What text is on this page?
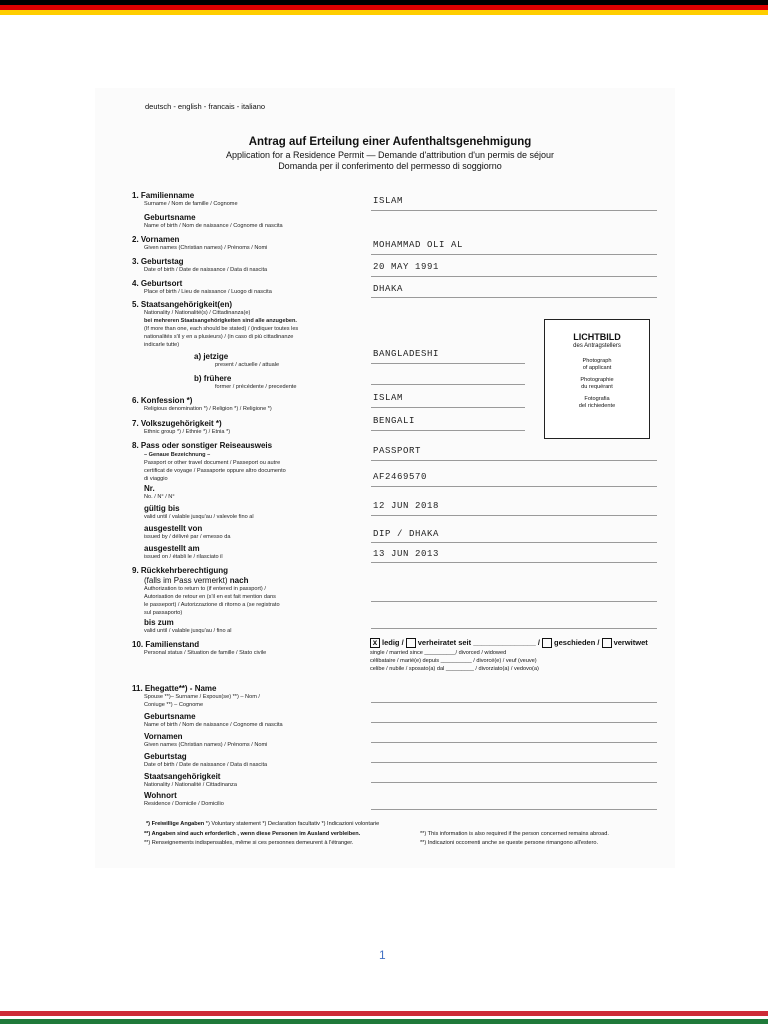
deutsch - english - francais - italiano
Antrag auf Erteilung einer Aufenthaltsgenehmigung
Application for a Residence Permit — Demande d'attribution d'un permis de séjour
Domanda per il conferimento del permesso di soggiorno
1. Familienname
Surname / Nom de famille / Cognome	ISLAM
Geburtsname
Name of birth / Nom de naissance / Cognome di nascita
2. Vornamen
Given names (Christian names) / Prénoms / Nomi	MOHAMMAD OLI AL
3. Geburtstag
Date of birth / Date de naissance / Data di nascita	20 MAY 1991
4. Geburtsort
Place of birth / Lieu de naissance / Luogo di nascita	DHAKA
5. Staatsangehörigkeit(en)
Nationality / Nationalité(s) / Cittadinanza(e)
bei mehreren Staatsangehörigkeiten sind alle anzugeben.
(If more than one, each should be stated) / (indiquer toutes les
nationalités s'il y en a plusieurs) / (in caso di più cittadinanze
indicarle tutte)
a) jetzige
present / actuelle / attuale
BANGLADESHI
b) frühere
former / précédente / precedente
LICHTBILD
des Antragstellers
Photograph
of applicant
Photographie
du requérant
Fotografia
del richiedente
6. Konfession *)
Religious denomination *) / Religion *) / Religione *)
ISLAM
7. Volkszugehörigkeit *)
Ethnic group *) / Ethnie *) / Etnia *)
BENGALI
8. Pass oder sonstiger Reiseausweis
– Genaue Bezeichnung –
Passport or other travel document / Passeport ou autre
certificat de voyage / Passaporte oppure altro documento
di viaggio
PASSPORT
Nr.
No. / N° / N°
AF2469570
gültig bis
valid until / valable jusqu'au / valevole fino al
12 JUN 2018
ausgestellt von
issued by / délivré par / emesso da	DIP / DHAKA
ausgestellt am
issued on / établi le / rilasciato il	13 JUN 2013
9. Rückkehrberechtigung
(falls im Pass vermerkt) nach
Authorization to return to (if entered in passport) /
Autorisation de retour en (s'il en est fait mention dans
le passeport) / Autorizzazione di ritorno a (se registrato
sul passaporto)
bis zum
valid until / valable jusqu'au / fino al
10. Familienstand
Personal status / Situation de famille / Stato civile
x ledig / verheiratet seit _______________ / geschieden / verwitwet
single / married since __________/ divorced / widowed
célibataire / marié(e) depuis __________ / divorcé(e) / veuf (veuve)
celibe / nubile / sposato(a) dal _________ / divorziato(a) / vedovo(a)
11. Ehegatte**) - Name
Spouse **)– Surname / Expoux(se) **) – Nom /
Coniuge **) – Cognome
Geburtsname
Name of birth / Nom de naissance / Cognome di nascita
Vornamen
Given names (Christian names) / Prénoms / Nomi
Geburtstag
Date of birth / Date de naissance / Data di nascita
Staatsangehörigkeit
Nationality / Nationalité / Cittadinanza
Wohnort
Residence / Domicile / Domicilio
*) Freiwillige Angaben *) Voluntary statement *) Declaration facultativ *) Indicazioni volontarie
**) Angaben sind auch erforderlich , wenn diese Personen im Ausland verbleiben.	**) This information is also required if the person concerned remains abroad.
**) Renseignements indispensables, même si ces personnes demeurent à l'étranger.	**) Indicazioni occorrenti anche se queste persone rimangono all'estero.
1
